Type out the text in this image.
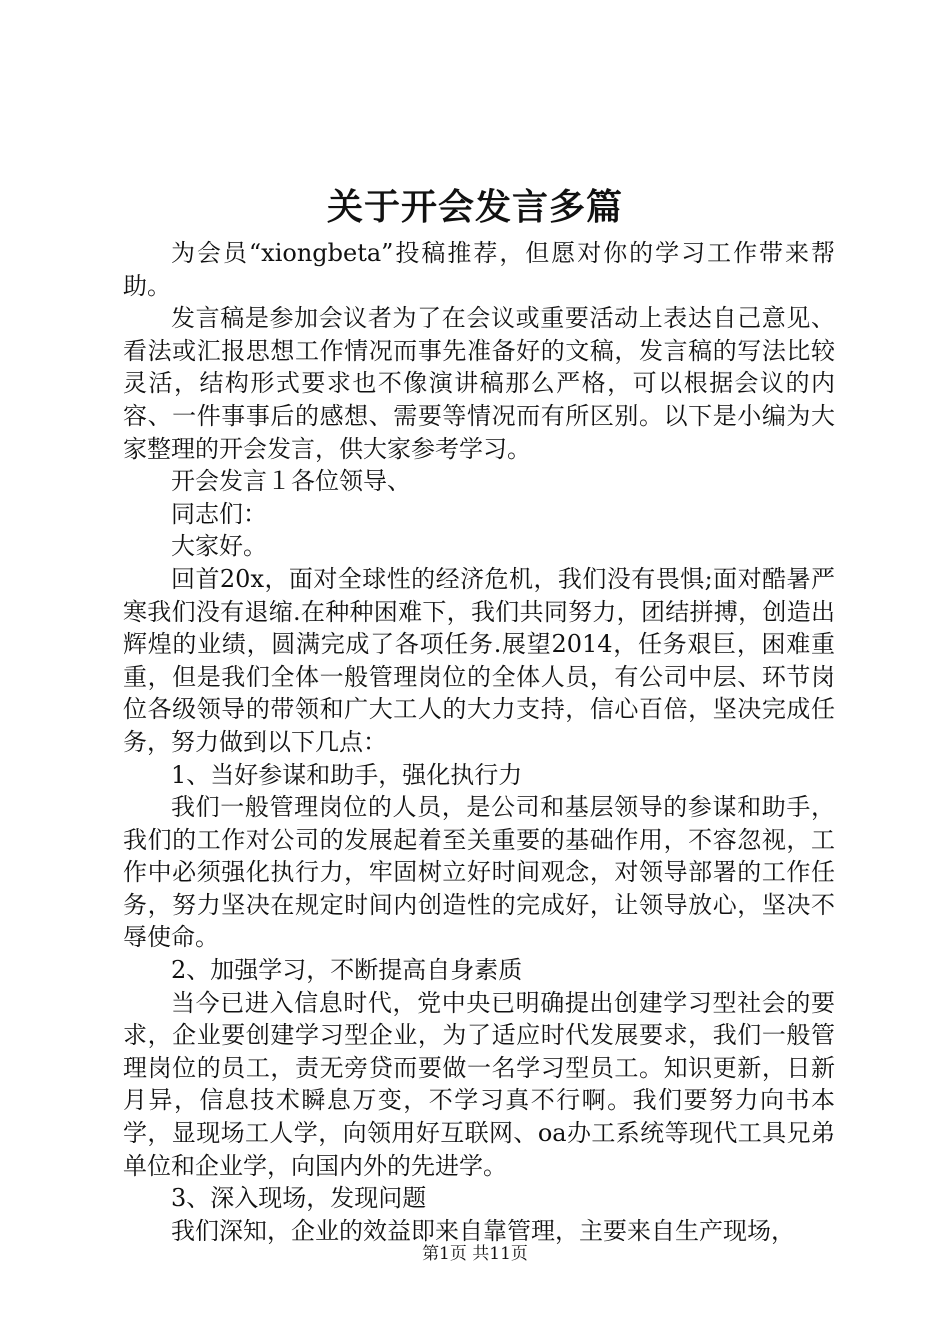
关于开会发言多篇

为会员“xiongbeta”投稿推荐，但愿对你的学习工作带来帮助。

发言稿是参加会议者为了在会议或重要活动上表达自己意见、看法或汇报思想工作情况而事先准备好的文稿，发言稿的写法比较灵活，结构形式要求也不像演讲稿那么严格，可以根据会议的内容、一件事事后的感想、需要等情况而有所区别。以下是小编为大家整理的开会发言，供大家参考学习。

开会发言１各位领导、

同志们：

大家好。

回首20x，面对全球性的经济危机，我们没有畏惧;面对酷暑严寒我们没有退缩.在种种困难下，我们共同努力，团结拼搏，创造出辉煌的业绩，圆满完成了各项任务.展望2014，任务艰巨，困难重重，但是我们全体一般管理岗位的全体人员，有公司中层、环节岗位各级领导的带领和广大工人的大力支持，信心百倍，坚决完成任务，努力做到以下几点：

1、当好参谋和助手，强化执行力

我们一般管理岗位的人员，是公司和基层领导的参谋和助手，我们的工作对公司的发展起着至关重要的基础作用，不容忽视，工作中必须强化执行力，牢固树立好时间观念，对领导部署的工作任务，努力坚决在规定时间内创造性的完成好，让领导放心，坚决不辱使命。

2、加强学习，不断提高自身素质

当今已进入信息时代，党中央已明确提出创建学习型社会的要求，企业要创建学习型企业，为了适应时代发展要求，我们一般管理岗位的员工，责无旁贷而要做一名学习型员工。知识更新，日新月异，信息技术瞬息万变，不学习真不行啊。我们要努力向书本学，显现场工人学，向领用好互联网、oa办工系统等现代工具兄弟单位和企业学，向国内外的先进学。

3、深入现场，发现问题

我们深知，企业的效益即来自靠管理，主要来自生产现场，

第1页 共11页
